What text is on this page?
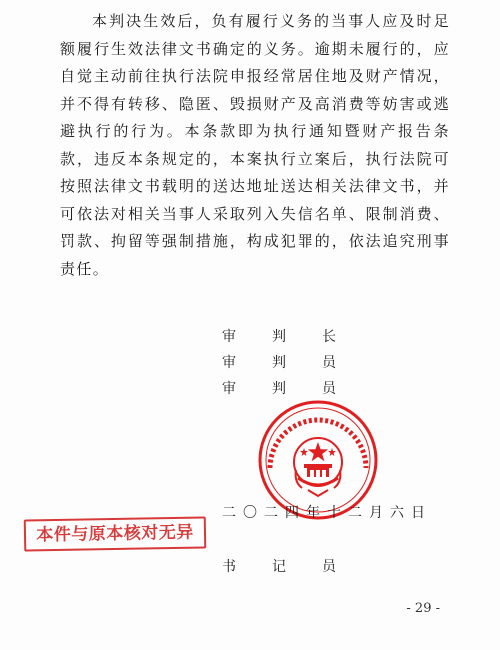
本判决生效后，负有履行义务的当事人应及时足额履行生效法律文书确定的义务。逾期未履行的，应自觉主动前往执行法院申报经常居住地及财产情况，并不得有转移、隐匿、毁损财产及高消费等妨害或逃避执行的行为。本条款即为执行通知暨财产报告条款，违反本条规定的，本案执行立案后，执行法院可按照法律文书载明的送达地址送达相关法律文书，并可依法对相关当事人采取列入失信名单、限制消费、罚款、拘留等强制措施，构成犯罪的，依法追究刑事责任。

审判长
审判员
审判员
二〇二四年十二月六日
本件与原本核对无异
书记员
- 29 -
